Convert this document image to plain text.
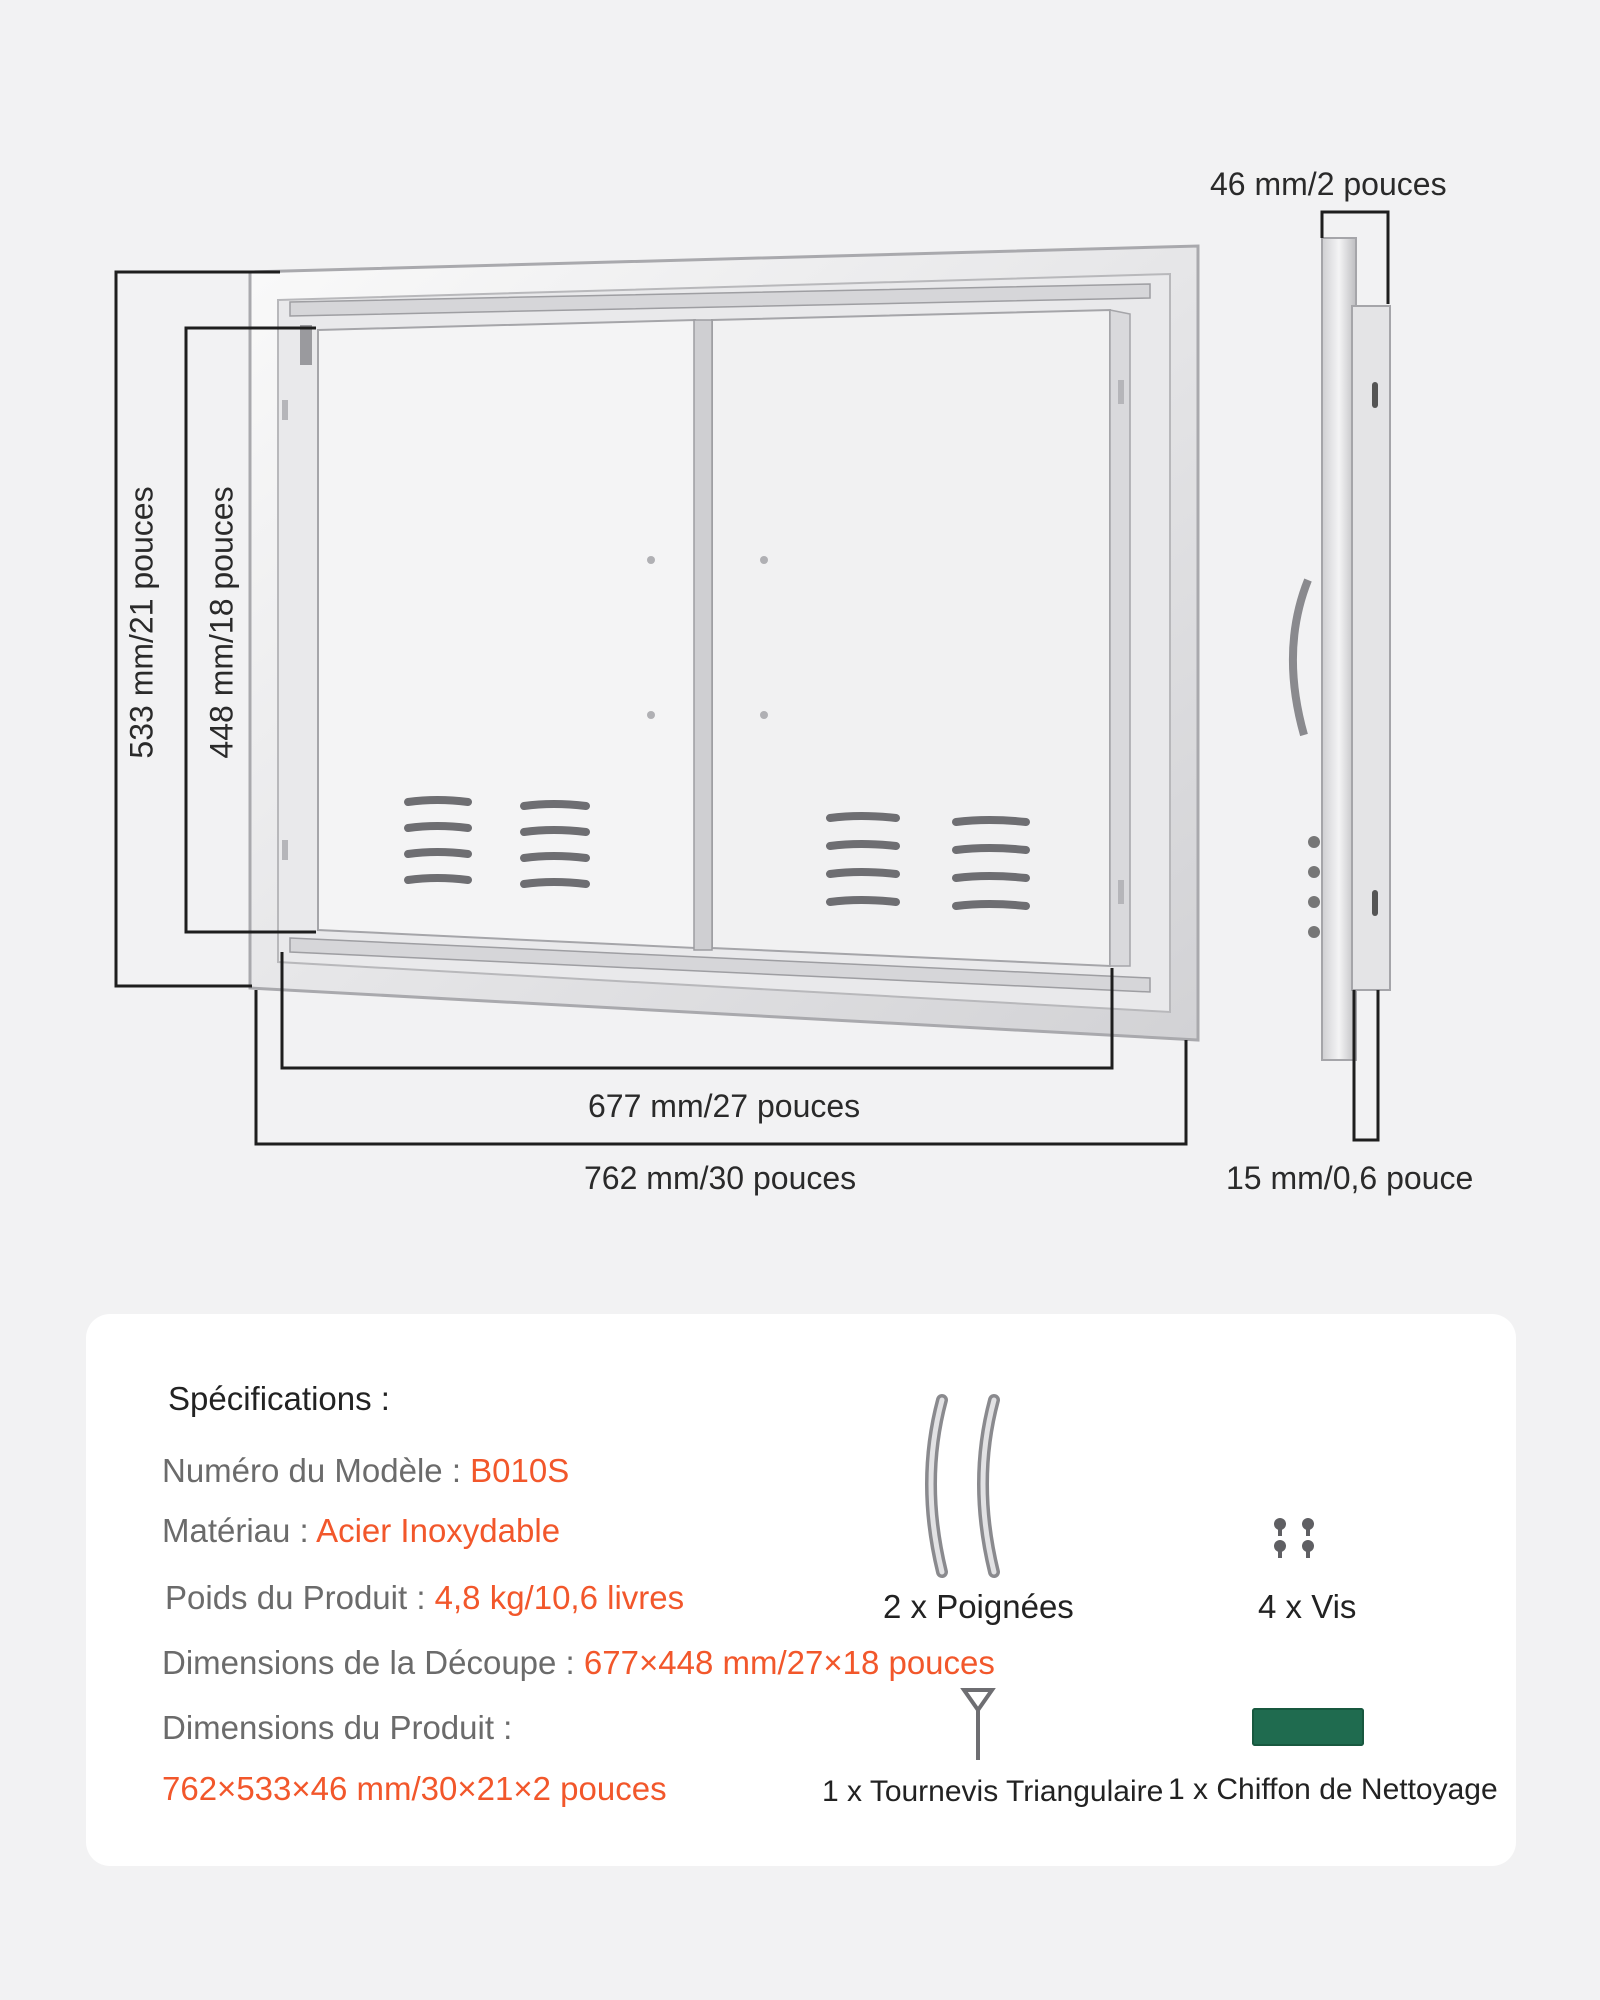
46 mm/2 pouces
533 mm/21 pouces 448 mm/18 pouces
677 mm/27 pouces
762 mm/30 pouces	15 mm/0,6 pouce
Spécifications :
Numéro du Modèle : B010S
Matériau : Acier Inoxydable
Poids du Produit : 4,8 kg/10,6 livres
Dimensions de la Découpe : 677×448 mm/27×18 pouces
Dimensions du Produit :
762×533×46 mm/30×21×2 pouces
2 x Poignées	4 x Vis
1 x Tournevis Triangulaire 1 x Chiffon de Nettoyage
